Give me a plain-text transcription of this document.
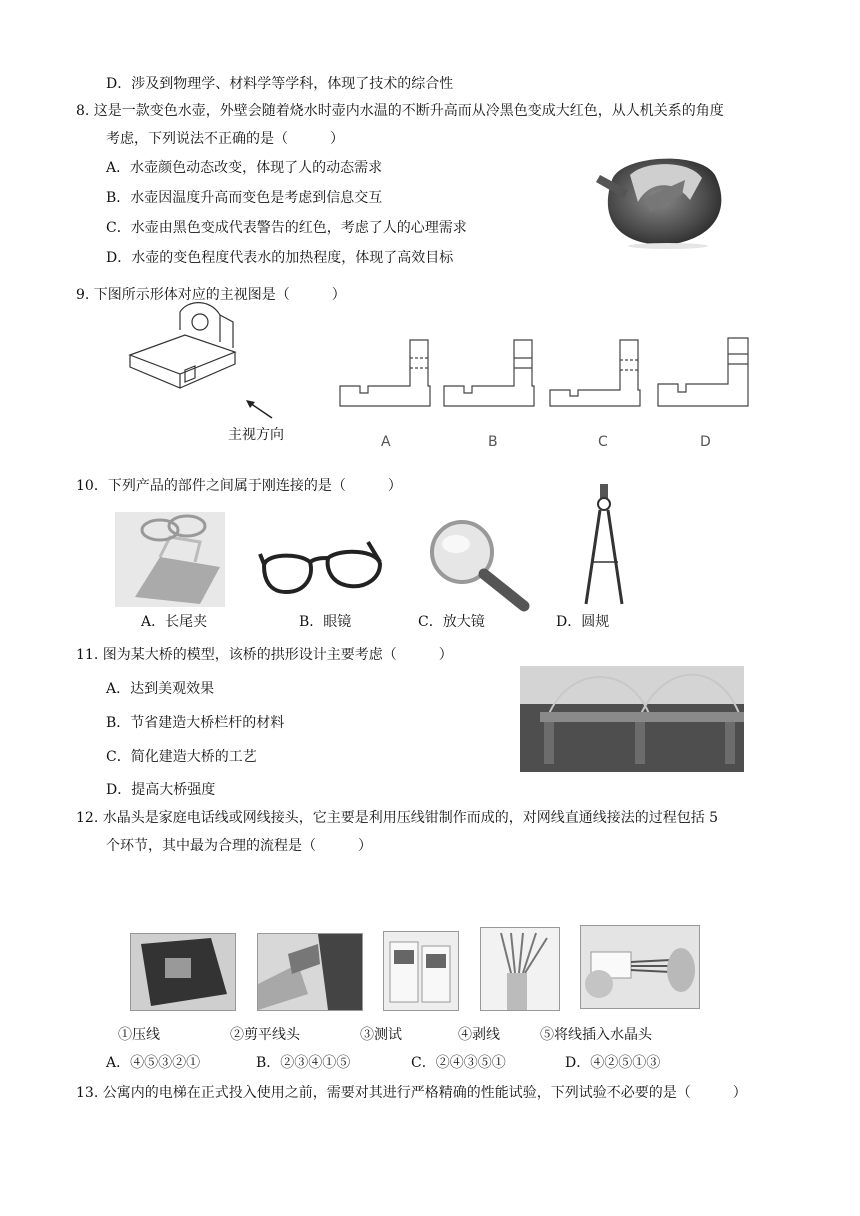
D．涉及到物理学、材料学等学科，体现了技术的综合性
8. 这是一款变色水壶，外壁会随着烧水时壶内水温的不断升高而从冷黑色变成大红色，从人机关系的角度
考虑，下列说法不正确的是（　　　）
A．水壶颜色动态改变，体现了人的动态需求
B．水壶因温度升高而变色是考虑到信息交互
C．水壶由黑色变成代表警告的红色，考虑了人的心理需求
D．水壶的变色程度代表水的加热程度，体现了高效目标
9. 下图所示形体对应的主视图是（　　　）
主视方向	A	B	C	D
10．下列产品的部件之间属于刚连接的是（　　　）
A．长尾夹	B．眼镜	C．放大镜	D．圆规
11. 图为某大桥的模型，该桥的拱形设计主要考虑（　　　）
A．达到美观效果
B．节省建造大桥栏杆的材料
C．简化建造大桥的工艺
D．提高大桥强度
12. 水晶头是家庭电话线或网线接头，它主要是利用压线钳制作而成的，对网线直通线接法的过程包括 5
个环节，其中最为合理的流程是（　　　）
①压线	②剪平线头	③测试	④剥线	⑤将线插入水晶头
A．④⑤③②①	B．②③④①⑤	C．②④③⑤①	D．④②⑤①③
13. 公寓内的电梯在正式投入使用之前，需要对其进行严格精确的性能试验，下列试验不必要的是（　　　）
